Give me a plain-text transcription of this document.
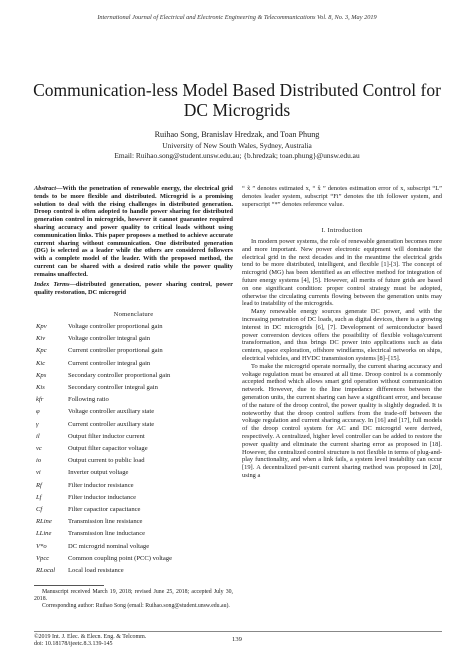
International Journal of Electrical and Electronic Engineering & Telecommunications Vol. 8, No. 3, May 2019
Communication-less Model Based Distributed Control for DC Microgrids
Ruihao Song, Branislav Hredzak, and Toan Phung
University of New South Wales, Sydney, Australia
Email: Ruihao.song@student.unsw.edu.au; {b.hredzak; toan.phung}@unsw.edu.au
Abstract—With the penetration of renewable energy, the electrical grid tends to be more flexible and distributed. Microgrid is a promising solution to deal with the rising challenges in distributed generation. Droop control is often adopted to handle power sharing for distributed generation control in microgrids, however it cannot guarantee required sharing accuracy and power quality to critical loads without using communication links. This paper proposes a method to achieve accurate current sharing without communication. One distributed generation (DG) is selected as a leader while the others are considered followers with a complete model of the leader. With the proposed method, the current can be shared with a desired ratio while the power quality remains unaffected.
Index Terms—distributed generation, power sharing control, power quality restoration, DC microgrid
Nomenclature
Kpv	Voltage controller proportional gain
Kiv	Voltage controller integral gain
Kpc	Current controller proportional gain
Kic	Current controller integral gain
Kps	Secondary controller proportional gain
Kis	Secondary controller integral gain
kfr	Following ratio
φ	Voltage controller auxiliary state
γ	Current controller auxiliary state
il	Output filter inductor current
vc	Output filter capacitor voltage
io	Output current to public load
vi	Inverter output voltage
Rf	Filter inductor resistance
Lf	Filter inductor inductance
Cf	Filter capacitor capacitance
RLine Transmission line resistance
LLine	Transmission line inductance
V*o	DC microgrid nominal voltage
Vpcc	Common coupling point (PCC) voltage
RLocal Local load resistance
Manuscript received March 19, 2018; revised June 25, 2018; accepted July 30, 2018.
Corresponding author: Ruihao Song (email: Ruihao.song@student.unsw.edu.au).
“ x̃ ” denotes estimated x, “ x̂ ” denotes estimation error of x, subscript “L” denotes leader system, subscript “Fi” denotes the ith follower system, and superscript “*” denotes reference value.
I. Introduction

In modern power systems, the role of renewable generation becomes more and more important. New power electronic equipment will dominate the electrical grid in the next decades and in the meantime the electrical grids tend to be more distributed, intelligent, and flexible [1]-[3]. The concept of microgrid (MG) has been identified as an effective method for integration of future energy systems [4], [5]. However, all merits of future grids are based on one significant condition: proper control strategy must be adopted, otherwise the circulating currents flowing between the generation units may lead to instability of the microgrids.

Many renewable energy sources generate DC power, and with the increasing penetration of DC loads, such as digital devices, there is a growing interest in DC microgrids [6], [7]. Development of semiconductor based power conversion devices offers the possibility of flexible voltage/current transformation, and thus brings DC power into applications such as data centers, space exploration, offshore windfarms, electrical networks on ships, electrical vehicles, and HVDC transmission systems [8]–[15].

To make the microgrid operate normally, the current sharing accuracy and voltage regulation must be ensured at all time. Droop control is a commonly accepted method which allows smart grid operation without communication network. However, due to the line impedance differences between the generation units, the current sharing can have a significant error, and because of the nature of the droop control, the power quality is slightly degraded. It is noteworthy that the droop control suffers from the trade-off between the voltage regulation and current sharing accuracy. In [16] and [17], full models of the droop control system for AC and DC microgrid were derived, respectively. A centralized, higher level controller can be added to restore the power quality and eliminate the current sharing error as proposed in [18]. However, the centralized control structure is not flexible in terms of plug-and-play functionality, and when a link fails, a system level instability can occur [19]. A decentralized per-unit current sharing method was proposed in [20], using a

©2019 Int. J. Elec. & Elecn. Eng. & Telcomm.
doi: 10.18178/ijeetc.8.3.139-145
139
